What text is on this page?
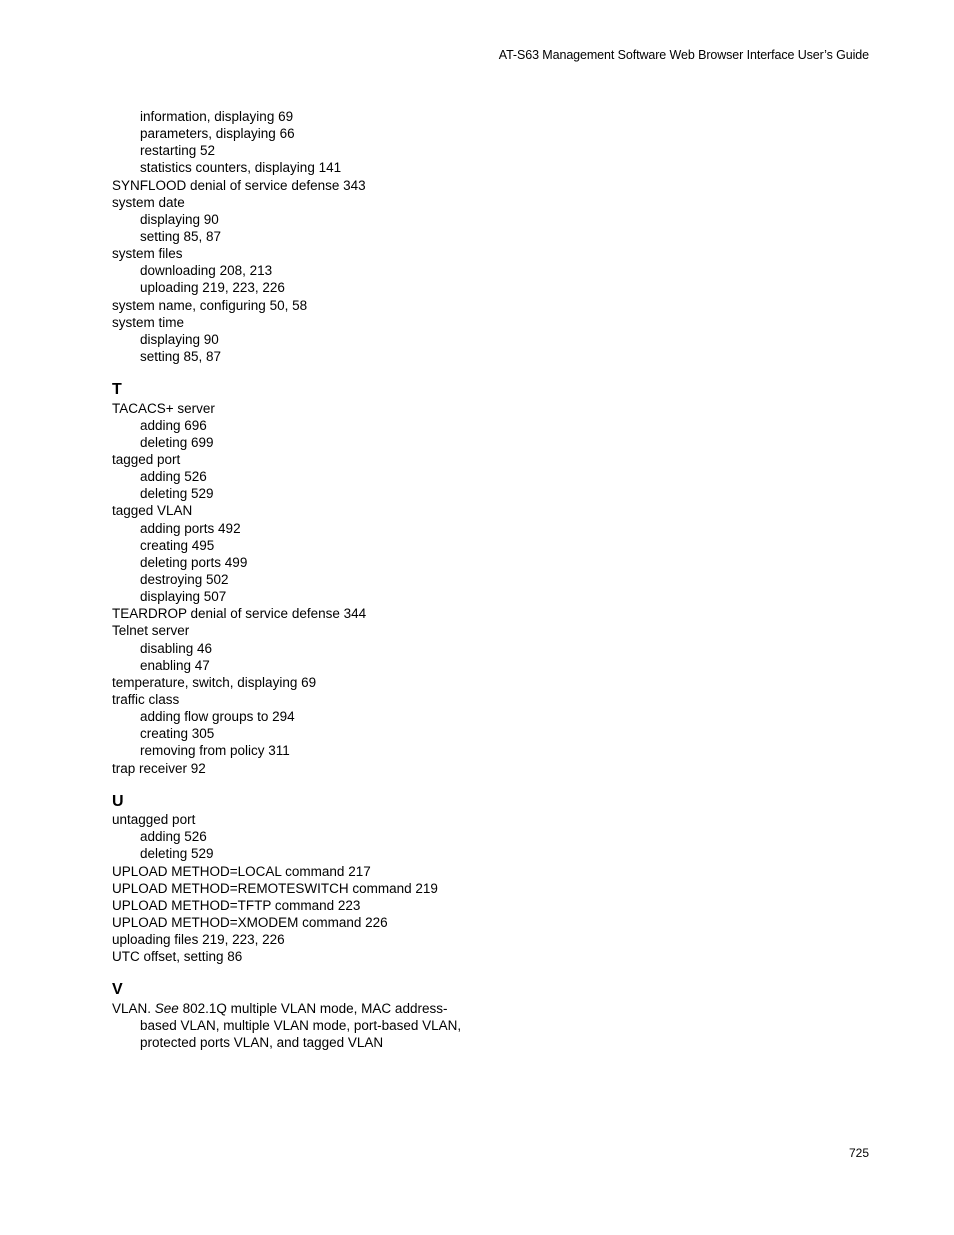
AT-S63 Management Software Web Browser Interface User’s Guide
information, displaying 69
parameters, displaying 66
restarting 52
statistics counters, displaying 141
SYNFLOOD denial of service defense 343
system date
displaying 90
setting 85, 87
system files
downloading 208, 213
uploading 219, 223, 226
system name, configuring 50, 58
system time
displaying 90
setting 85, 87
T
TACACS+ server
adding 696
deleting 699
tagged port
adding 526
deleting 529
tagged VLAN
adding ports 492
creating 495
deleting ports 499
destroying 502
displaying 507
TEARDROP denial of service defense 344
Telnet server
disabling 46
enabling 47
temperature, switch, displaying 69
traffic class
adding flow groups to 294
creating 305
removing from policy 311
trap receiver 92
U
untagged port
adding 526
deleting 529
UPLOAD METHOD=LOCAL command 217
UPLOAD METHOD=REMOTESWITCH command 219
UPLOAD METHOD=TFTP command 223
UPLOAD METHOD=XMODEM command 226
uploading files 219, 223, 226
UTC offset, setting 86
V
VLAN. See 802.1Q multiple VLAN mode, MAC address-
based VLAN, multiple VLAN mode, port-based VLAN,
protected ports VLAN, and tagged VLAN
725
